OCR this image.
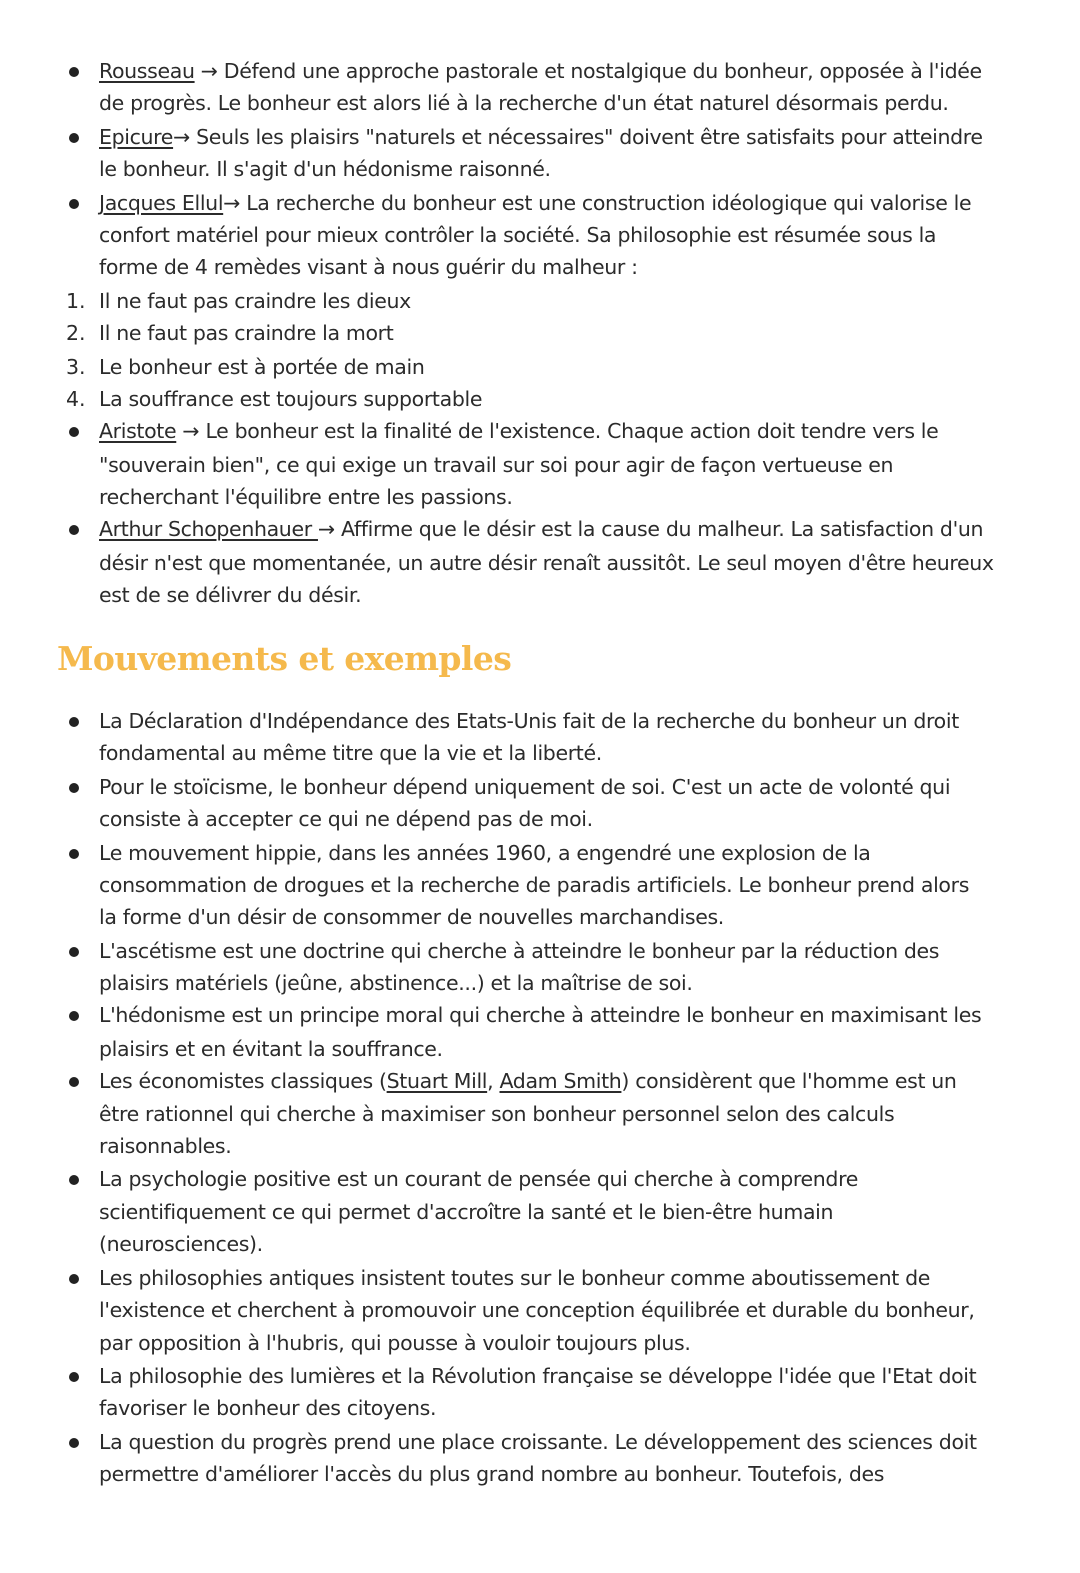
Rousseau → Défend une approche pastorale et nostalgique du bonheur, opposée à l'idée
de progrès. Le bonheur est alors lié à la recherche d'un état naturel désormais perdu.
Epicure→ Seuls les plaisirs "naturels et nécessaires" doivent être satisfaits pour atteindre
le bonheur. Il s'agit d'un hédonisme raisonné.
Jacques Ellul→ La recherche du bonheur est une construction idéologique qui valorise le
confort matériel pour mieux contrôler la société. Sa philosophie est résumée sous la
forme de 4 remèdes visant à nous guérir du malheur :
1. Il ne faut pas craindre les dieux
2. Il ne faut pas craindre la mort
3. Le bonheur est à portée de main
4. La souffrance est toujours supportable
Aristote → Le bonheur est la finalité de l'existence. Chaque action doit tendre vers le
"souverain bien", ce qui exige un travail sur soi pour agir de façon vertueuse en
recherchant l'équilibre entre les passions.
Arthur Schopenhauer → Affirme que le désir est la cause du malheur. La satisfaction d'un
désir n'est que momentanée, un autre désir renaît aussitôt. Le seul moyen d'être heureux
est de se délivrer du désir.
Mouvements et exemples
La Déclaration d'Indépendance des Etats-Unis fait de la recherche du bonheur un droit
fondamental au même titre que la vie et la liberté.
Pour le stoïcisme, le bonheur dépend uniquement de soi. C'est un acte de volonté qui
consiste à accepter ce qui ne dépend pas de moi.
Le mouvement hippie, dans les années 1960, a engendré une explosion de la
consommation de drogues et la recherche de paradis artificiels. Le bonheur prend alors
la forme d'un désir de consommer de nouvelles marchandises.
L'ascétisme est une doctrine qui cherche à atteindre le bonheur par la réduction des
plaisirs matériels (jeûne, abstinence...) et la maîtrise de soi.
L'hédonisme est un principe moral qui cherche à atteindre le bonheur en maximisant les
plaisirs et en évitant la souffrance.
Les économistes classiques (Stuart Mill, Adam Smith) considèrent que l'homme est un
être rationnel qui cherche à maximiser son bonheur personnel selon des calculs
raisonnables.
La psychologie positive est un courant de pensée qui cherche à comprendre
scientifiquement ce qui permet d'accroître la santé et le bien-être humain
(neurosciences).
Les philosophies antiques insistent toutes sur le bonheur comme aboutissement de
l'existence et cherchent à promouvoir une conception équilibrée et durable du bonheur,
par opposition à l'hubris, qui pousse à vouloir toujours plus.
La philosophie des lumières et la Révolution française se développe l'idée que l'Etat doit
favoriser le bonheur des citoyens.
La question du progrès prend une place croissante. Le développement des sciences doit
permettre d'améliorer l'accès du plus grand nombre au bonheur. Toutefois, des
